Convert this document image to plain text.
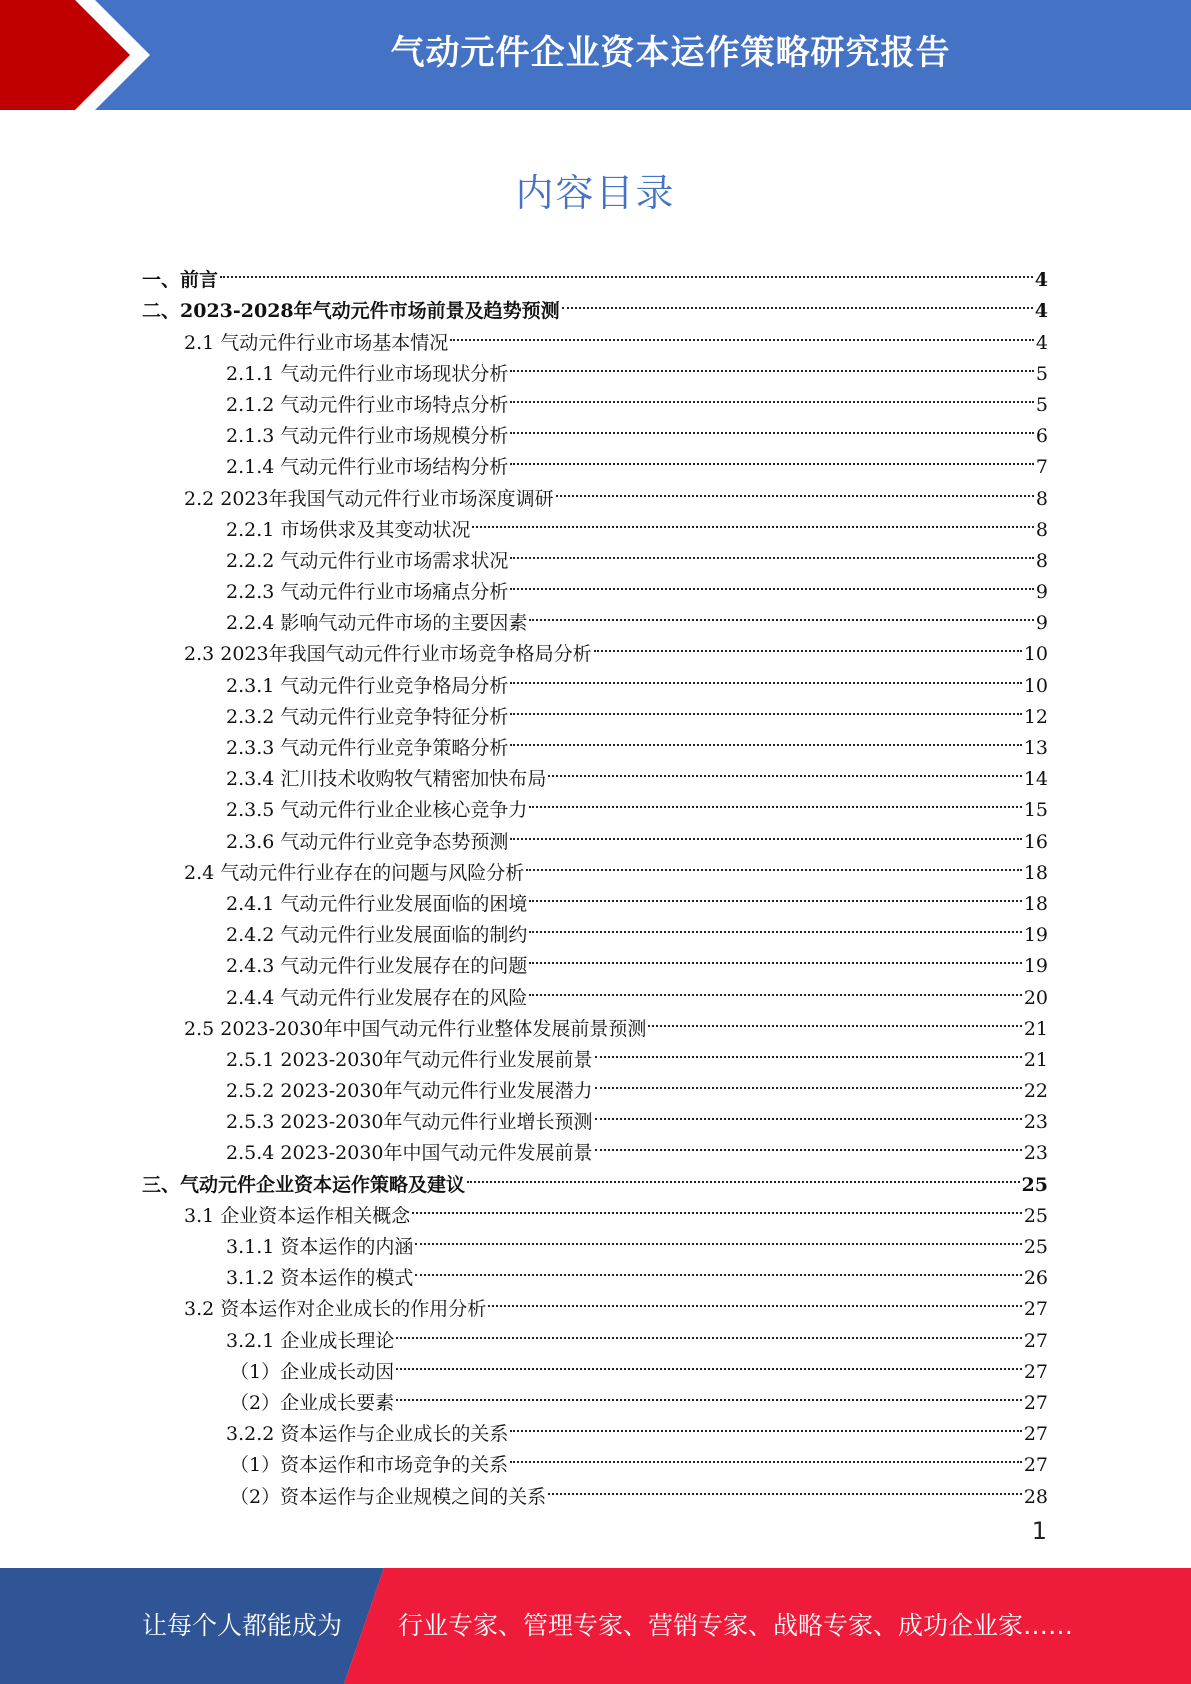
气动元件企业资本运作策略研究报告
内容目录
一、前言	4
二、2023-2028年气动元件市场前景及趋势预测	4
2.1 气动元件行业市场基本情况	4
2.1.1 气动元件行业市场现状分析	5
2.1.2 气动元件行业市场特点分析	5
2.1.3 气动元件行业市场规模分析	6
2.1.4 气动元件行业市场结构分析	7
2.2 2023年我国气动元件行业市场深度调研	8
2.2.1 市场供求及其变动状况	8
2.2.2 气动元件行业市场需求状况	8
2.2.3 气动元件行业市场痛点分析	9
2.2.4 影响气动元件市场的主要因素	9
2.3 2023年我国气动元件行业市场竞争格局分析	10
2.3.1 气动元件行业竞争格局分析	10
2.3.2 气动元件行业竞争特征分析	12
2.3.3 气动元件行业竞争策略分析	13
2.3.4 汇川技术收购牧气精密加快布局	14
2.3.5 气动元件行业企业核心竞争力	15
2.3.6 气动元件行业竞争态势预测	16
2.4 气动元件行业存在的问题与风险分析	18
2.4.1 气动元件行业发展面临的困境	18
2.4.2 气动元件行业发展面临的制约	19
2.4.3 气动元件行业发展存在的问题	19
2.4.4 气动元件行业发展存在的风险	20
2.5 2023-2030年中国气动元件行业整体发展前景预测	21
2.5.1 2023-2030年气动元件行业发展前景	21
2.5.2 2023-2030年气动元件行业发展潜力	22
2.5.3 2023-2030年气动元件行业增长预测	23
2.5.4 2023-2030年中国气动元件发展前景	23
三、气动元件企业资本运作策略及建议	25
3.1 企业资本运作相关概念	25
3.1.1 资本运作的内涵	25
3.1.2 资本运作的模式	26
3.2 资本运作对企业成长的作用分析	27
3.2.1 企业成长理论	27
（1）企业成长动因	27
（2）企业成长要素	27
3.2.2 资本运作与企业成长的关系	27
（1）资本运作和市场竞争的关系	27
（2）资本运作与企业规模之间的关系	28
1
让每个人都能成为 行业专家、管理专家、营销专家、战略专家、成功企业家……
